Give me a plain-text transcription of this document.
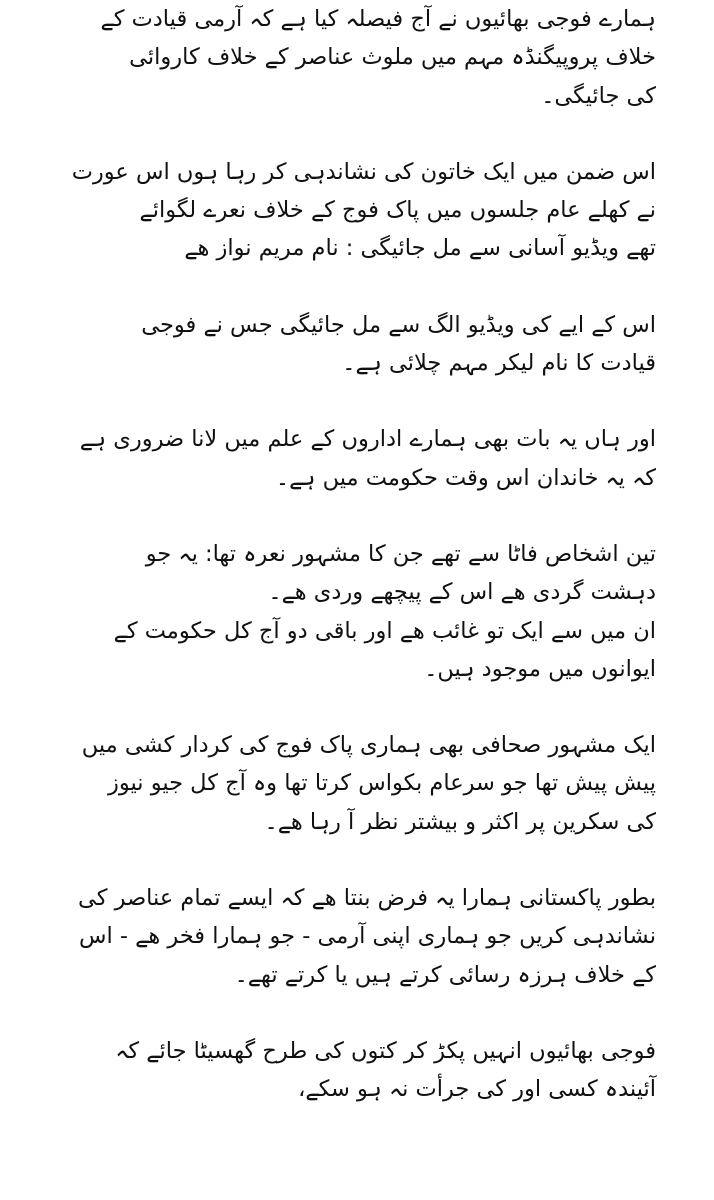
ہمارے فوجی بھائیوں نے آج فیصلہ کیا ہے کہ آرمی قیادت کے
خلاف پروپیگنڈہ مہم میں ملوث عناصر کے خلاف کاروائی
کی جائیگی۔

اس ضمن میں ایک خاتون کی نشاندہی کر رہا ہوں اس عورت
نے کھلے عام جلسوں میں پاک فوج کے خلاف نعرے لگوائے
تھے ویڈیو آسانی سے مل جائیگی : نام مریم نواز ھے

اس کے ایے کی ویڈیو الگ سے مل جائیگی جس نے فوجی
قیادت کا نام لیکر مہم چلائی ہے۔

اور ہاں یہ بات بھی ہمارے اداروں کے علم میں لانا ضروری ہے
کہ یہ خاندان اس وقت حکومت میں ہے۔

تین اشخاص فاٹا سے تھے جن کا مشہور نعرہ تھا: یہ جو
دہشت گردی ھے اس کے پیچھے وردی ھے۔
ان میں سے ایک تو غائب ھے اور باقی دو آج کل حکومت کے
ایوانوں میں موجود ہیں۔

ایک مشہور صحافی بھی ہماری پاک فوج کی کردار کشی میں
پیش پیش تھا جو سرعام بکواس کرتا تھا وہ آج کل جیو نیوز
کی سکرین پر اکثر و بیشتر نظر آ رہا ھے۔

بطور پاکستانی ہمارا یہ فرض بنتا ھے کہ ایسے تمام عناصر کی
نشاندہی کریں جو ہماری اپنی آرمی - جو ہمارا فخر ھے - اس
کے خلاف ہرزہ رسائی کرتے ہیں یا کرتے تھے۔

فوجی بھائیوں انہیں پکڑ کر کتوں کی طرح گھسیٹا جائے کہ
آئیندہ کسی اور کی جرأت نہ ہو سکے،
